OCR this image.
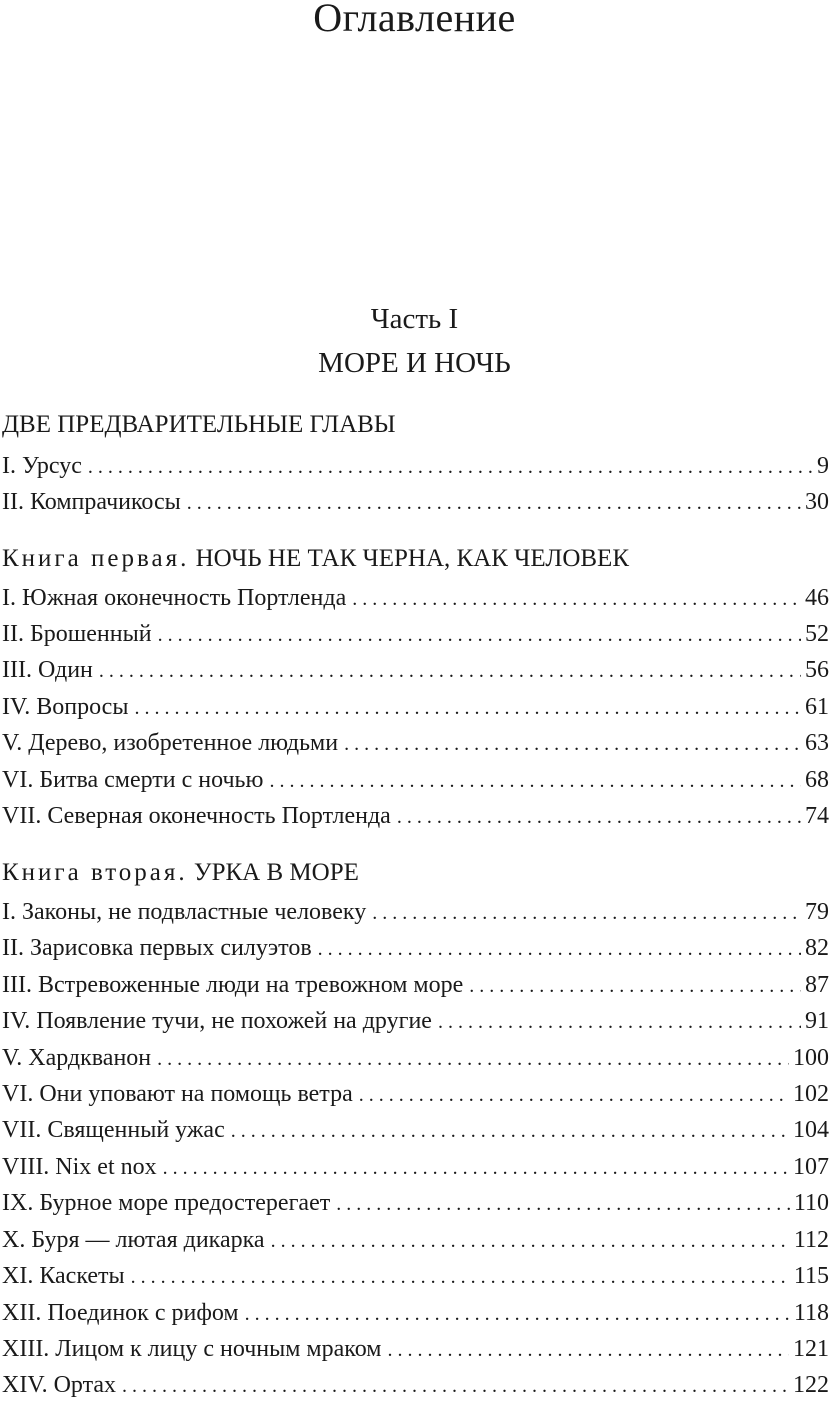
Оглавление
Часть I
МОРЕ И НОЧЬ
ДВЕ ПРЕДВАРИТЕЛЬНЫЕ ГЛАВЫ
I. Урсус . . .	9
II. Компрачикосы . . .	30
Книга первая. НОЧЬ НЕ ТАК ЧЕРНА, КАК ЧЕЛОВЕК
I. Южная оконечность Портленда . . .	46
II. Брошенный . . .	52
III. Один . . .	56
IV. Вопросы . . .	61
V. Дерево, изобретенное людьми . . .	63
VI. Битва смерти с ночью . . .	68
VII. Северная оконечность Портленда . . .	74
Книга вторая. УРКА В МОРЕ
I. Законы, не подвластные человеку . . .	79
II. Зарисовка первых силуэтов . . .	82
III. Встревоженные люди на тревожном море . . .	87
IV. Появление тучи, не похожей на другие . . .	91
V. Хардкванон . . .	100
VI. Они уповают на помощь ветра . . .	102
VII. Священный ужас . . .	104
VIII. Nix et nox . . .	107
IX. Бурное море предостерегает . . .	110
X. Буря — лютая дикарка . . .	112
XI. Каскеты . . .	115
XII. Поединок с рифом . . .	118
XIII. Лицом к лицу с ночным мраком . . .	121
XIV. Ортах . . .	122
